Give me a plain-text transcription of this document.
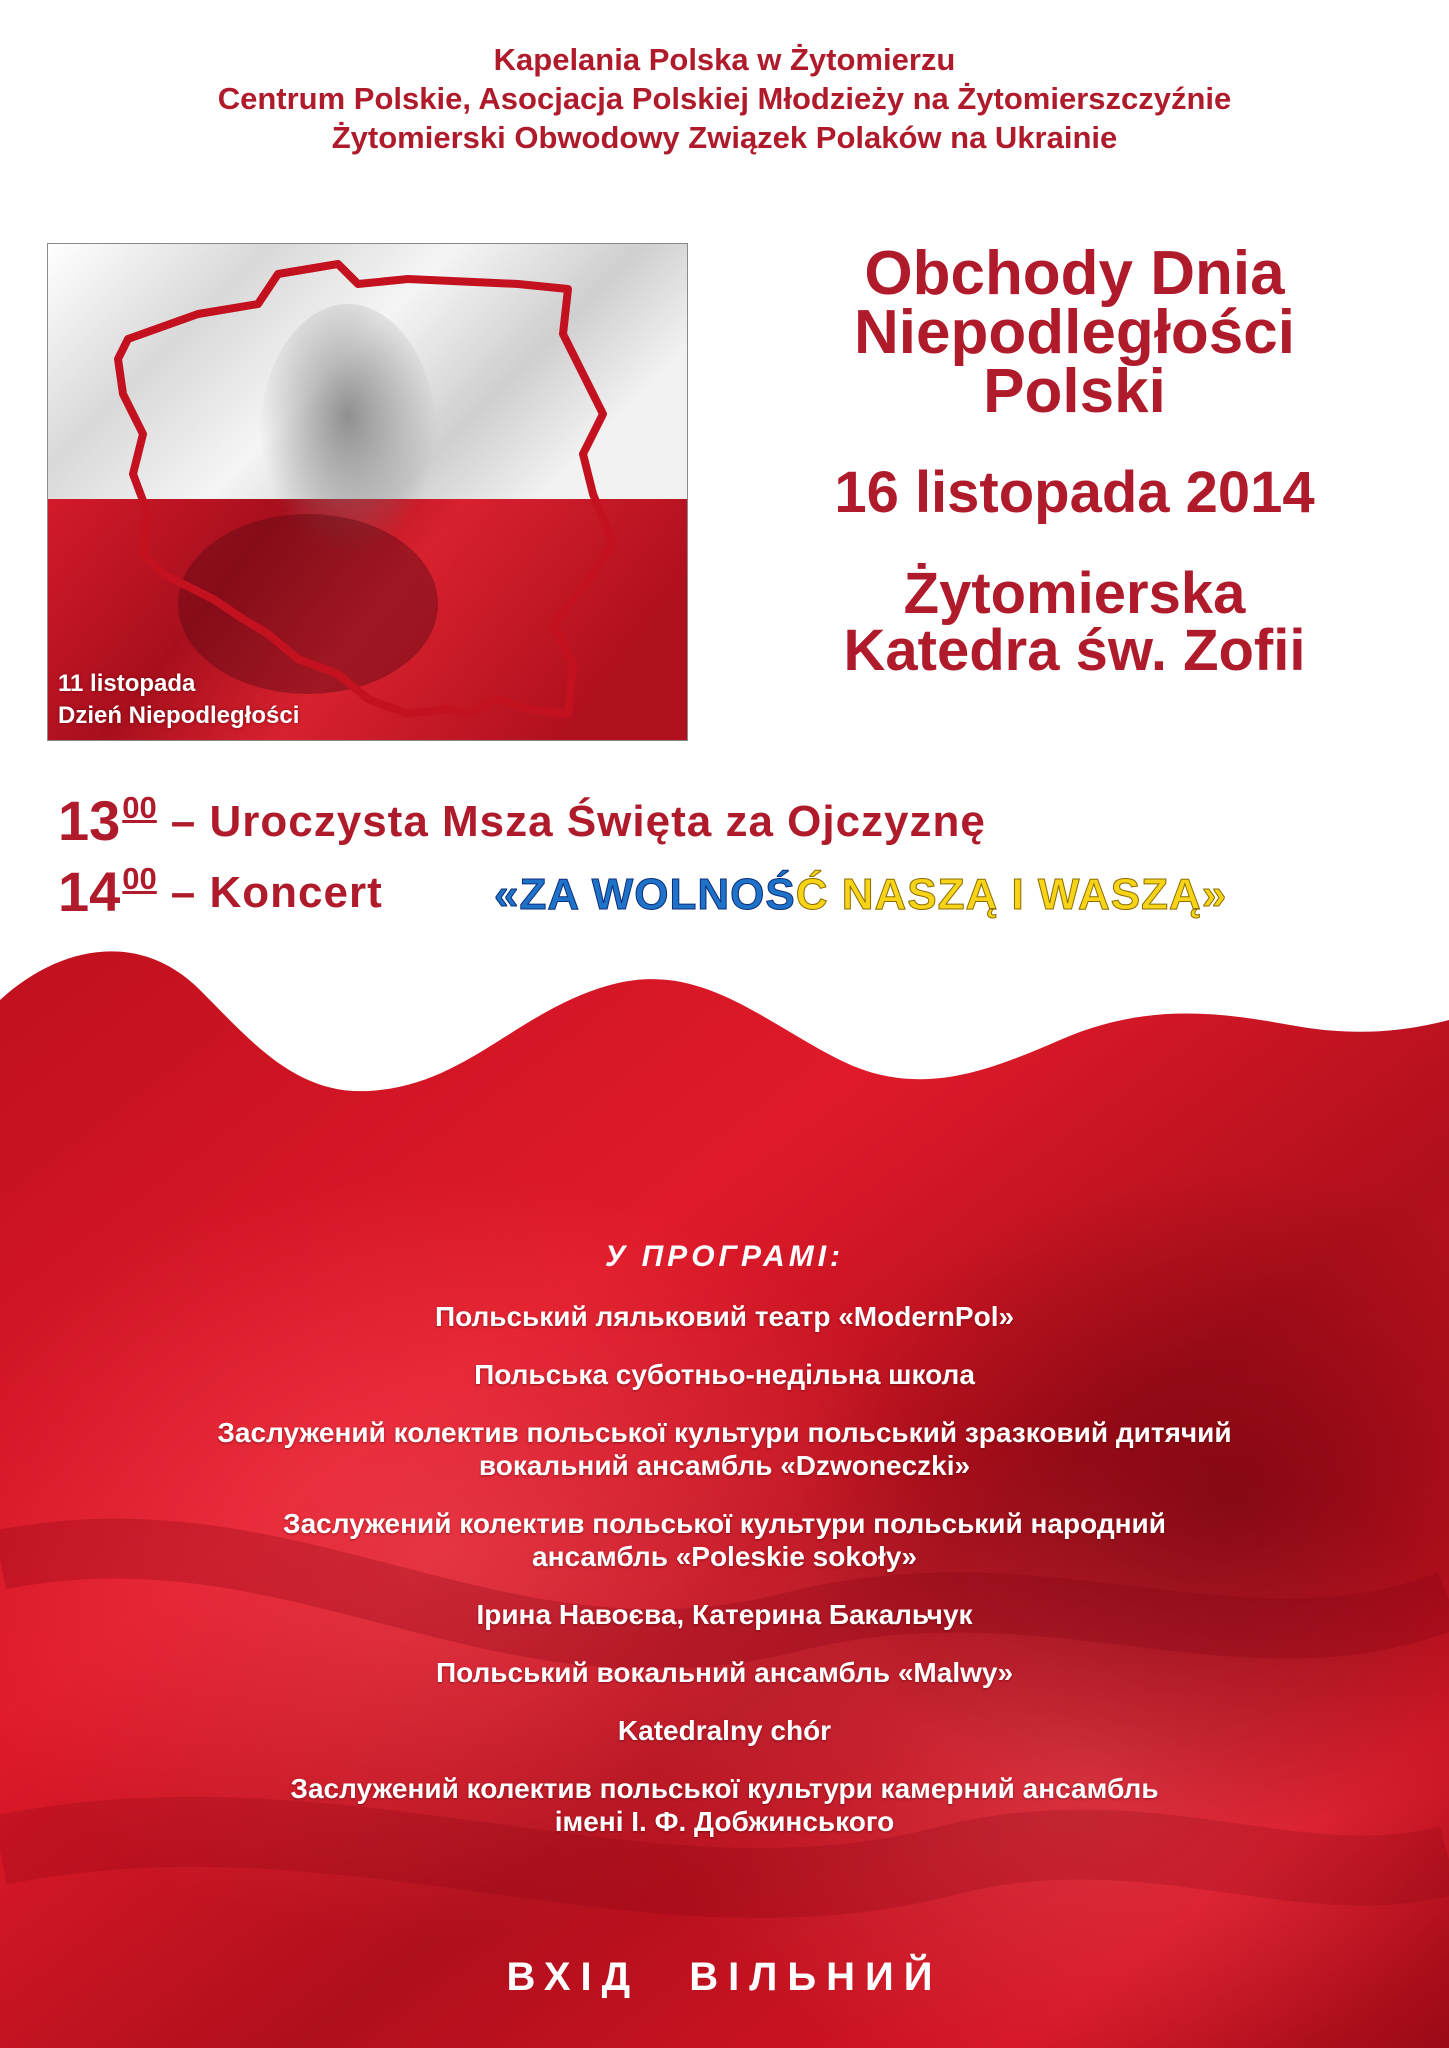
Kapelania Polska w Żytomierzu
Centrum Polskie, Asocjacja Polskiej Młodzieży na Żytomierszczyźnie
Żytomierski Obwodowy Związek Polaków na Ukrainie
11 listopada
Dzień Niepodległości
Obchody Dnia
Niepodległości
Polski
16 listopada 2014
Żytomierska
Katedra św. Zofii
1300 – Uroczysta Msza Święta za Ojczyznę
1400 – Koncert	«ZA WOLNOŚĆ NASZĄ I WASZĄ»
У ПРОГРАМІ:
Польський ляльковий театр «ModernPol»
Польська суботньо-недільна школа
Заслужений колектив польської культури польський зразковий дитячий
вокальний ансамбль «Dzwoneczki»
Заслужений колектив польської культури польський народний
ансамбль «Poleskie sokoły»
Ірина Навоєва, Катерина Бакальчук
Польський вокальний ансамбль «Malwy»
Katedralny chór
Заслужений колектив польської культури камерний ансамбль
імені І. Ф. Добжинського
ВХІД ВІЛЬНИЙ
